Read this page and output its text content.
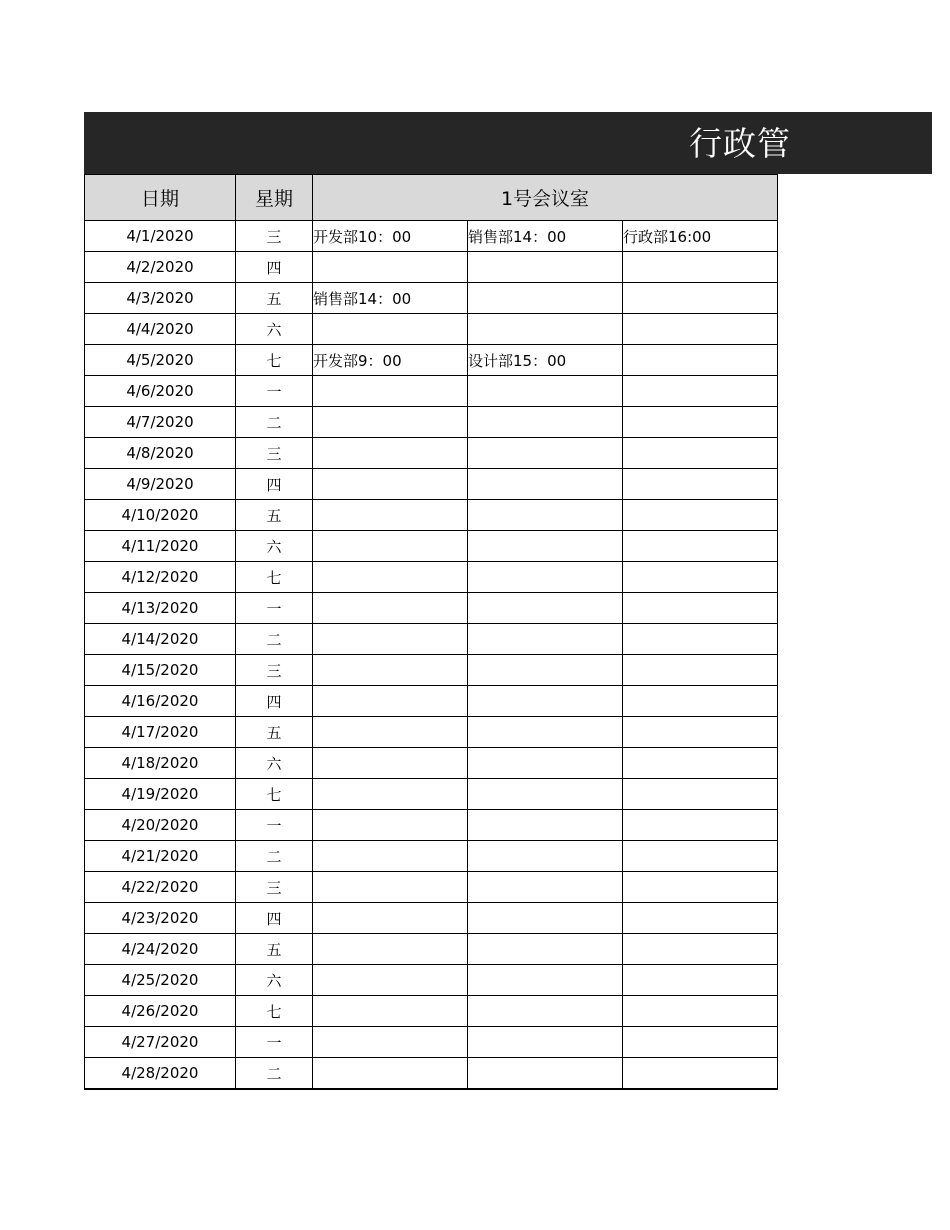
行政管
日期	星期	1号会议室		
4/1/2020	三	开发部10：00	销售部14：00	行政部16:00
4/2/2020	四			
4/3/2020	五	销售部14：00		
4/4/2020	六			
4/5/2020	七	开发部9：00	设计部15：00	
4/6/2020	一			
4/7/2020	二			
4/8/2020	三			
4/9/2020	四			
4/10/2020	五			
4/11/2020	六			
4/12/2020	七			
4/13/2020	一			
4/14/2020	二			
4/15/2020	三			
4/16/2020	四			
4/17/2020	五			
4/18/2020	六			
4/19/2020	七			
4/20/2020	一			
4/21/2020	二			
4/22/2020	三			
4/23/2020	四			
4/24/2020	五			
4/25/2020	六			
4/26/2020	七			
4/27/2020	一			
4/28/2020	二			
